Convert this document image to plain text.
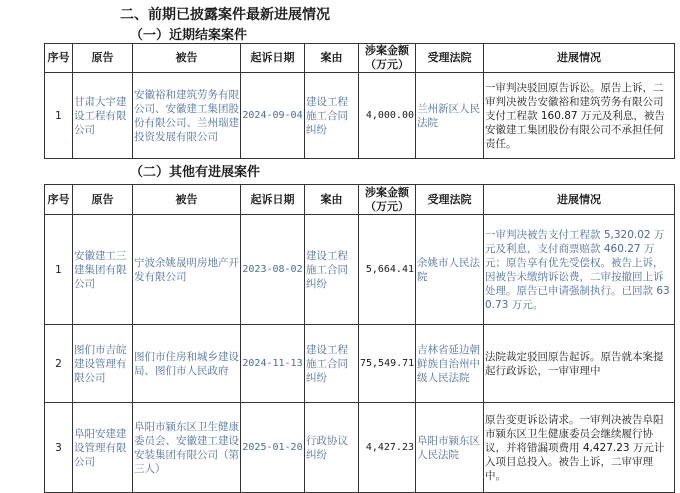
二、前期已披露案件最新进展情况
（一）近期结案案件
序号	原告	被告	起诉日期	案由	涉案金额（万元）	受理法院	进展情况
1	甘肃大宇建设工程有限公司	安徽裕和建筑劳务有限公司、安徽建工集团股份有限公司、兰州瑞建投资发展有限公司	2024-09-04	建设工程施工合同纠纷	4,000.00	兰州新区人民法院	一审判决驳回原告诉讼。原告上诉，二审判决被告安徽裕和建筑劳务有限公司支付工程款 160.87 万元及利息，被告安徽建工集团股份有限公司不承担任何责任。
（二）其他有进展案件
序号	原告	被告	起诉日期	案由	涉案金额（万元）	受理法院	进展情况
1	安徽建工三建集团有限公司	宁波余姚晟明房地产开发有限公司	2023-08-02	建设工程施工合同纠纷	5,664.41	余姚市人民法院	一审判决被告支付工程款 5,320.02 万元及利息，支付商票赔款 460.27 万元；原告享有优先受偿权。被告上诉，因被告未缴纳诉讼费，二审按撤回上诉处理。原告已申请强制执行。已回款 630.73 万元。
2	图们市吉皖建设管理有限公司	图们市住房和城乡建设局、图们市人民政府	2024-11-13	建设工程施工合同纠纷	75,549.71	吉林省延边朝鲜族自治州中级人民法院	法院裁定驳回原告起诉。原告就本案提起行政诉讼，一审审理中
3	阜阳安建建设管理有限公司	阜阳市颍东区卫生健康委员会、安徽建工建设安装集团有限公司（第三人）	2025-01-20	行政协议纠纷	4,427.23	阜阳市颍东区人民法院	原告变更诉讼请求。一审判决被告阜阳市颍东区卫生健康委员会继续履行协议，并将错漏项费用 4,427.23 万元计入项目总投入。被告上诉，二审审理中。
